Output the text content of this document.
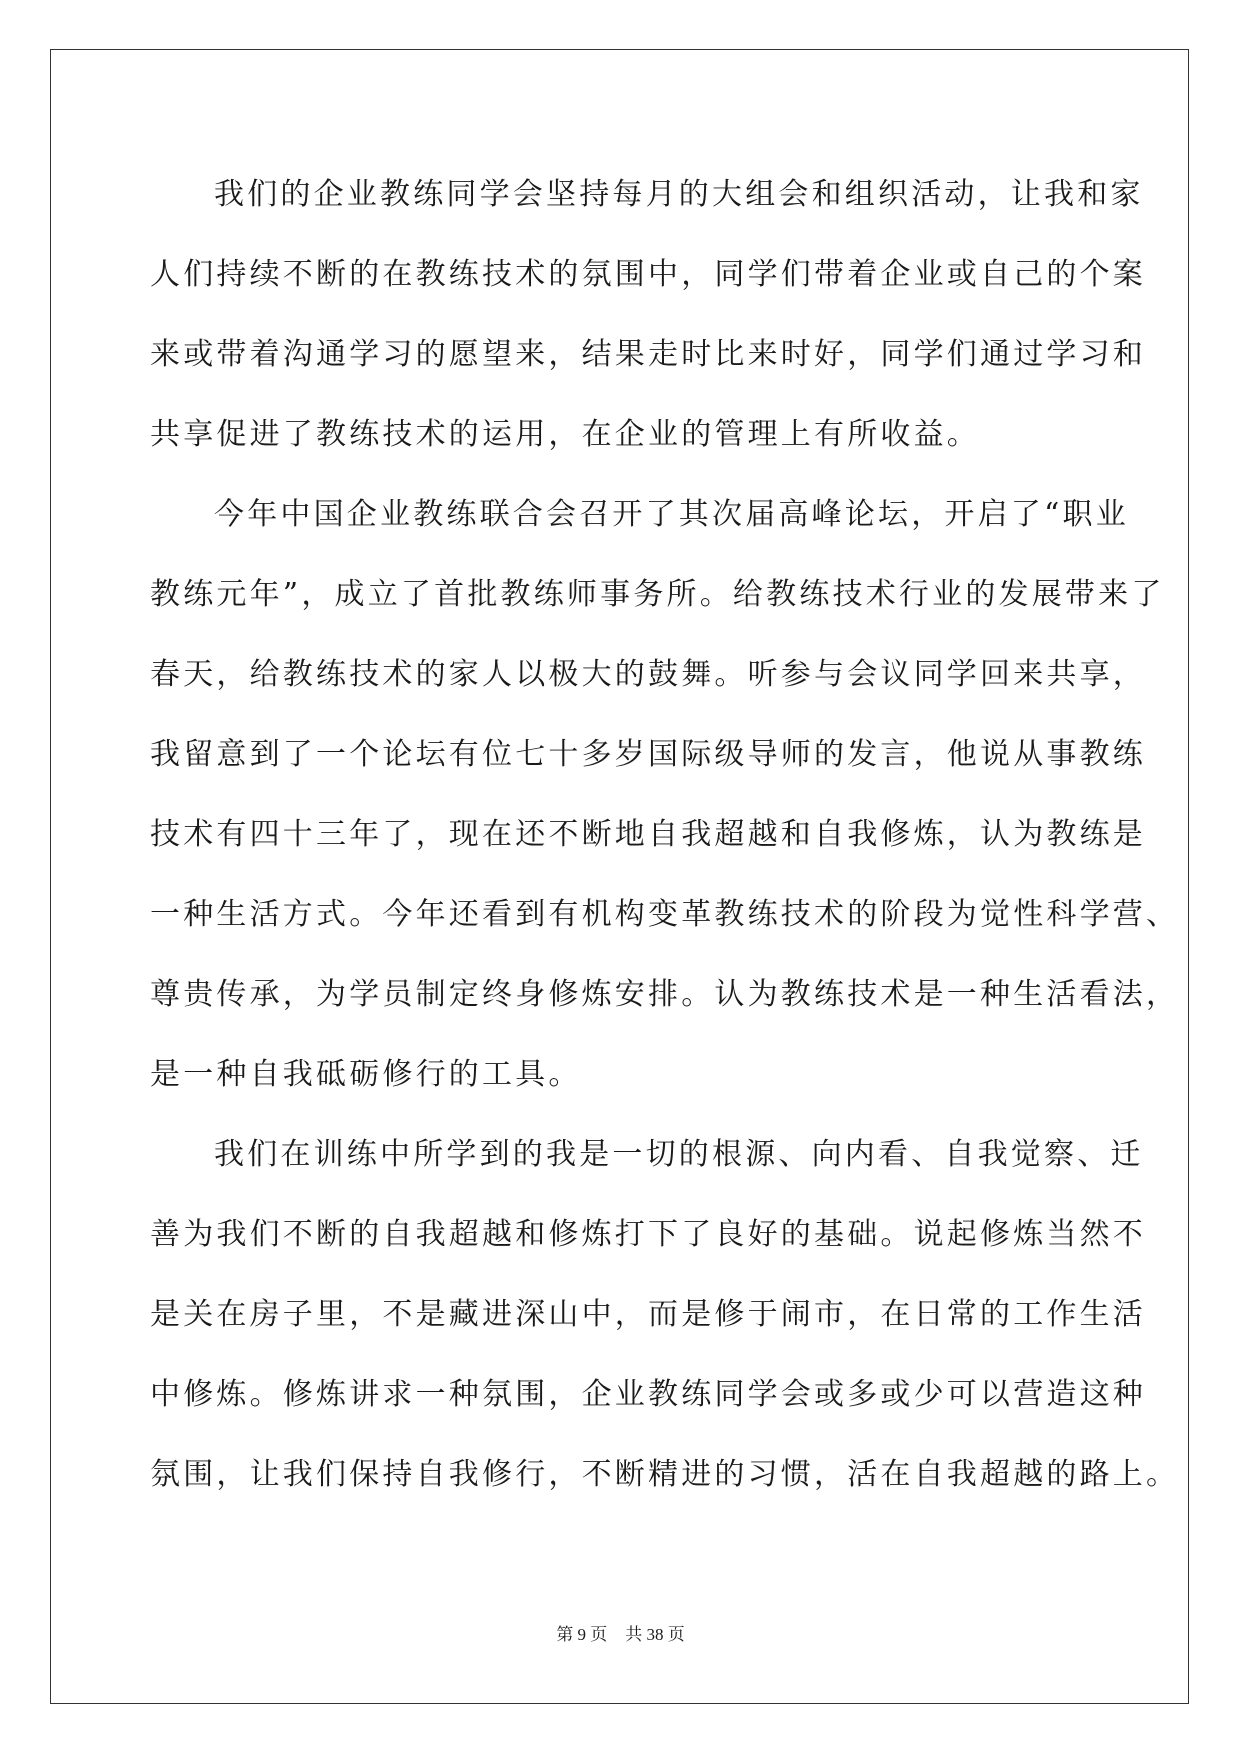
我们的企业教练同学会坚持每月的大组会和组织活动，让我和家
人们持续不断的在教练技术的氛围中，同学们带着企业或自己的个案
来或带着沟通学习的愿望来，结果走时比来时好，同学们通过学习和
共享促进了教练技术的运用，在企业的管理上有所收益。

今年中国企业教练联合会召开了其次届高峰论坛，开启了“职业
教练元年”，成立了首批教练师事务所。给教练技术行业的发展带来了
春天，给教练技术的家人以极大的鼓舞。听参与会议同学回来共享，
我留意到了一个论坛有位七十多岁国际级导师的发言，他说从事教练
技术有四十三年了，现在还不断地自我超越和自我修炼，认为教练是
一种生活方式。今年还看到有机构变革教练技术的阶段为觉性科学营、
尊贵传承，为学员制定终身修炼安排。认为教练技术是一种生活看法，
是一种自我砥砺修行的工具。

我们在训练中所学到的我是一切的根源、向内看、自我觉察、迁
善为我们不断的自我超越和修炼打下了良好的基础。说起修炼当然不
是关在房子里，不是藏进深山中，而是修于闹市，在日常的工作生活
中修炼。修炼讲求一种氛围，企业教练同学会或多或少可以营造这种
氛围，让我们保持自我修行，不断精进的习惯，活在自我超越的路上。

第 9 页 共 38 页
